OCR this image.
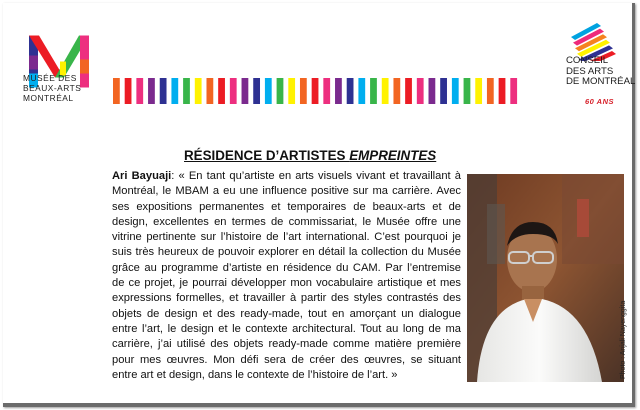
MUSÉE DES
BEAUX-ARTS
MONTRÉAL
CONSEIL
DES ARTS
DE MONTRÉAL
60 ANS
RÉSIDENCE D’ARTISTES EMPREINTES
Ari Bayuaji: « En tant qu’artiste en arts visuels vivant et travaillant à Montréal, le MBAM a eu une influence positive sur ma carrière. Avec ses expositions permanentes et temporaires de beaux-arts et de design, excellentes en termes de commissariat, le Musée offre une vitrine pertinente sur l’histoire de l’art international. C’est pourquoi je suis très heureux de pouvoir explorer en détail la collection du Musée grâce au programme d’artiste en résidence du CAM. Par l’entremise de ce projet, je pourrai développer mon vocabulaire artistique et mes expressions formelles, et travailler à partir des styles contrastés des objets de design et des ready-made, tout en amorçant un dialogue entre l’art, le design et le contexte architectural. Tout au long de ma carrière, j’ai utilisé des objets ready-made comme matière première pour mes œuvres. Mon défi sera de créer des œuvres, se situant entre art et design, dans le contexte de l’histoire de l’art. »	Photo : Anjali Nayenggita
